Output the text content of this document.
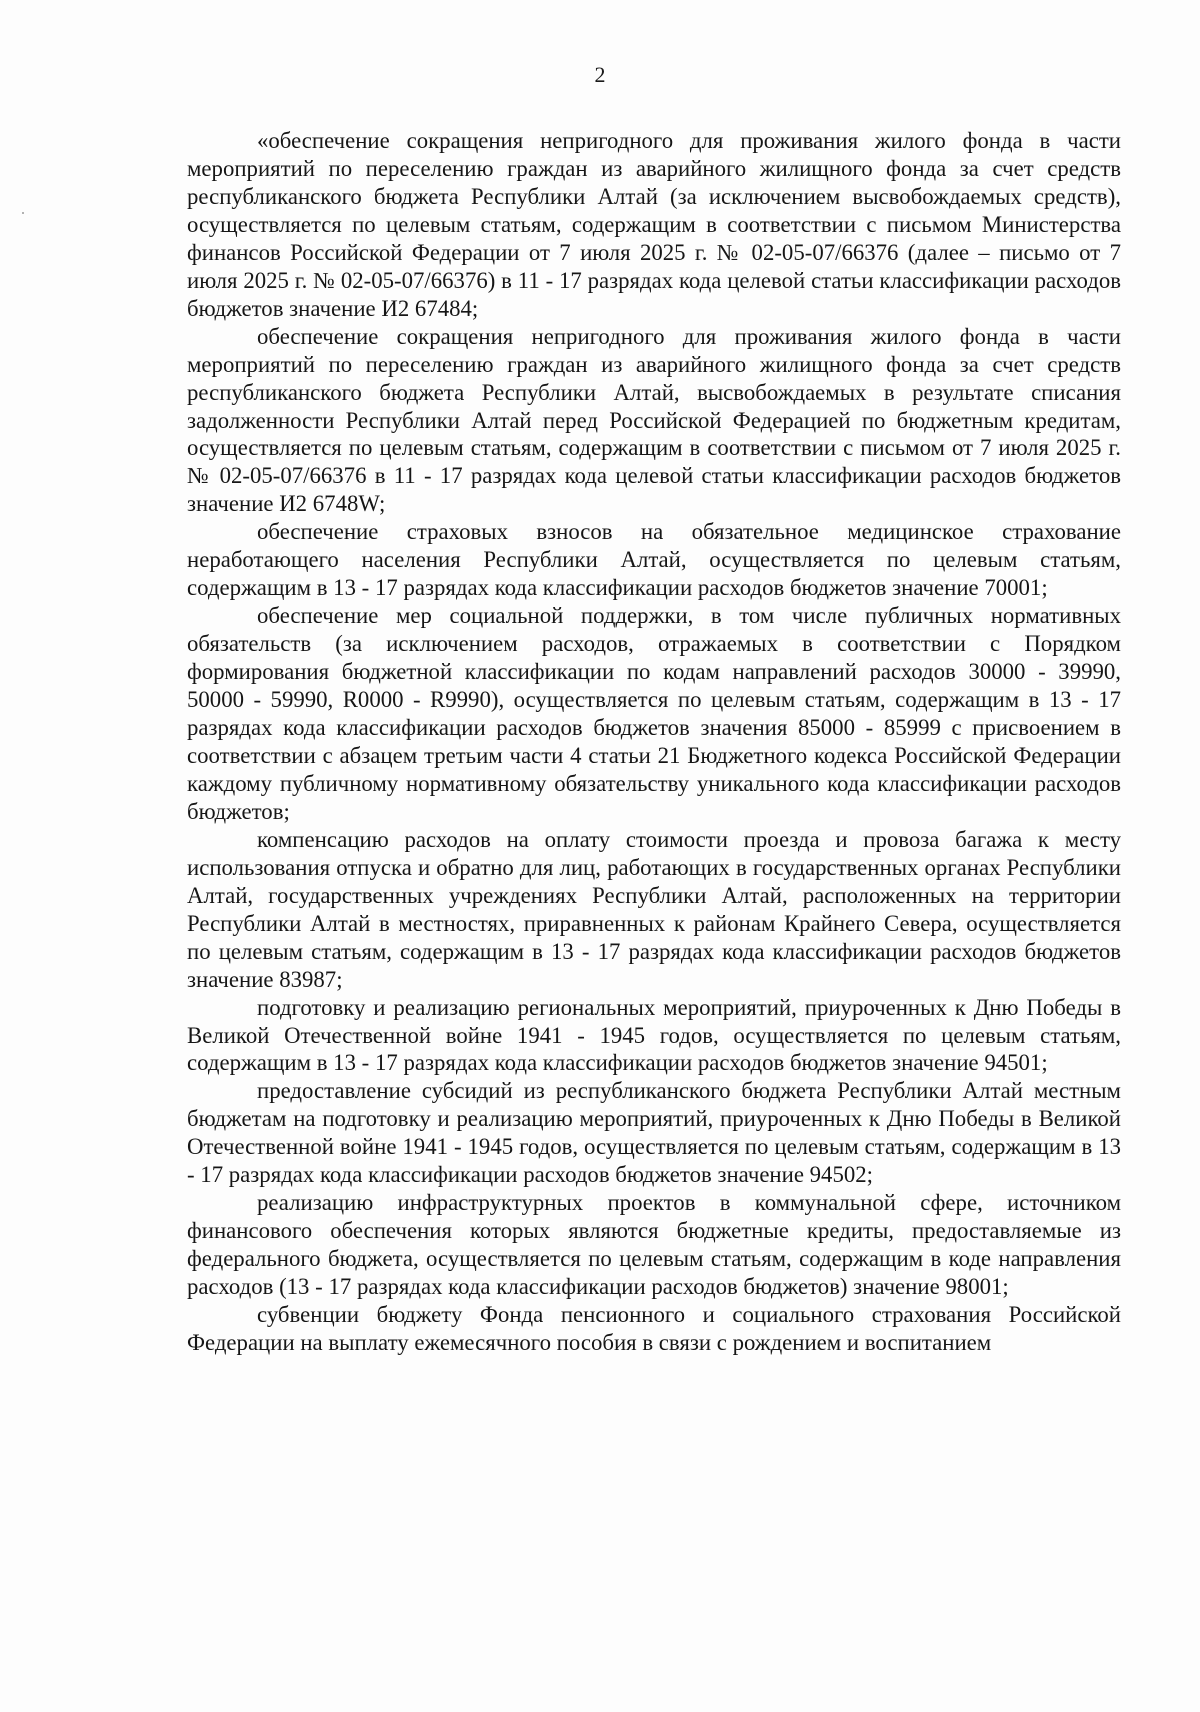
2

«обеспечение сокращения непригодного для проживания жилого фонда в части мероприятий по переселению граждан из аварийного жилищного фонда за счет средств республиканского бюджета Республики Алтай (за исключением высвобождаемых средств), осуществляется по целевым статьям, содержащим в соответствии с письмом Министерства финансов Российской Федерации от 7 июля 2025 г. № 02-05-07/66376 (далее – письмо от 7 июля 2025 г. № 02-05-07/66376) в 11 - 17 разрядах кода целевой статьи классификации расходов бюджетов значение И2 67484;

обеспечение сокращения непригодного для проживания жилого фонда в части мероприятий по переселению граждан из аварийного жилищного фонда за счет средств республиканского бюджета Республики Алтай, высвобождаемых в результате списания задолженности Республики Алтай перед Российской Федерацией по бюджетным кредитам, осуществляется по целевым статьям, содержащим в соответствии с письмом от 7 июля 2025 г. № 02-05-07/66376 в 11 - 17 разрядах кода целевой статьи классификации расходов бюджетов значение И2 6748W;

обеспечение страховых взносов на обязательное медицинское страхование неработающего населения Республики Алтай, осуществляется по целевым статьям, содержащим в 13 - 17 разрядах кода классификации расходов бюджетов значение 70001;

обеспечение мер социальной поддержки, в том числе публичных нормативных обязательств (за исключением расходов, отражаемых в соответствии с Порядком формирования бюджетной классификации по кодам направлений расходов 30000 - 39990, 50000 - 59990, R0000 - R9990), осуществляется по целевым статьям, содержащим в 13 - 17 разрядах кода классификации расходов бюджетов значения 85000 - 85999 с присвоением в соответствии с абзацем третьим части 4 статьи 21 Бюджетного кодекса Российской Федерации каждому публичному нормативному обязательству уникального кода классификации расходов бюджетов;

компенсацию расходов на оплату стоимости проезда и провоза багажа к месту использования отпуска и обратно для лиц, работающих в государственных органах Республики Алтай, государственных учреждениях Республики Алтай, расположенных на территории Республики Алтай в местностях, приравненных к районам Крайнего Севера, осуществляется по целевым статьям, содержащим в 13 - 17 разрядах кода классификации расходов бюджетов значение 83987;

подготовку и реализацию региональных мероприятий, приуроченных к Дню Победы в Великой Отечественной войне 1941 - 1945 годов, осуществляется по целевым статьям, содержащим в 13 - 17 разрядах кода классификации расходов бюджетов значение 94501;

предоставление субсидий из республиканского бюджета Республики Алтай местным бюджетам на подготовку и реализацию мероприятий, приуроченных к Дню Победы в Великой Отечественной войне 1941 - 1945 годов, осуществляется по целевым статьям, содержащим в 13 - 17 разрядах кода классификации расходов бюджетов значение 94502;

реализацию инфраструктурных проектов в коммунальной сфере, источником финансового обеспечения которых являются бюджетные кредиты, предоставляемые из федерального бюджета, осуществляется по целевым статьям, содержащим в коде направления расходов (13 - 17 разрядах кода классификации расходов бюджетов) значение 98001;

субвенции бюджету Фонда пенсионного и социального страхования Российской Федерации на выплату ежемесячного пособия в связи с рождением и воспитанием
